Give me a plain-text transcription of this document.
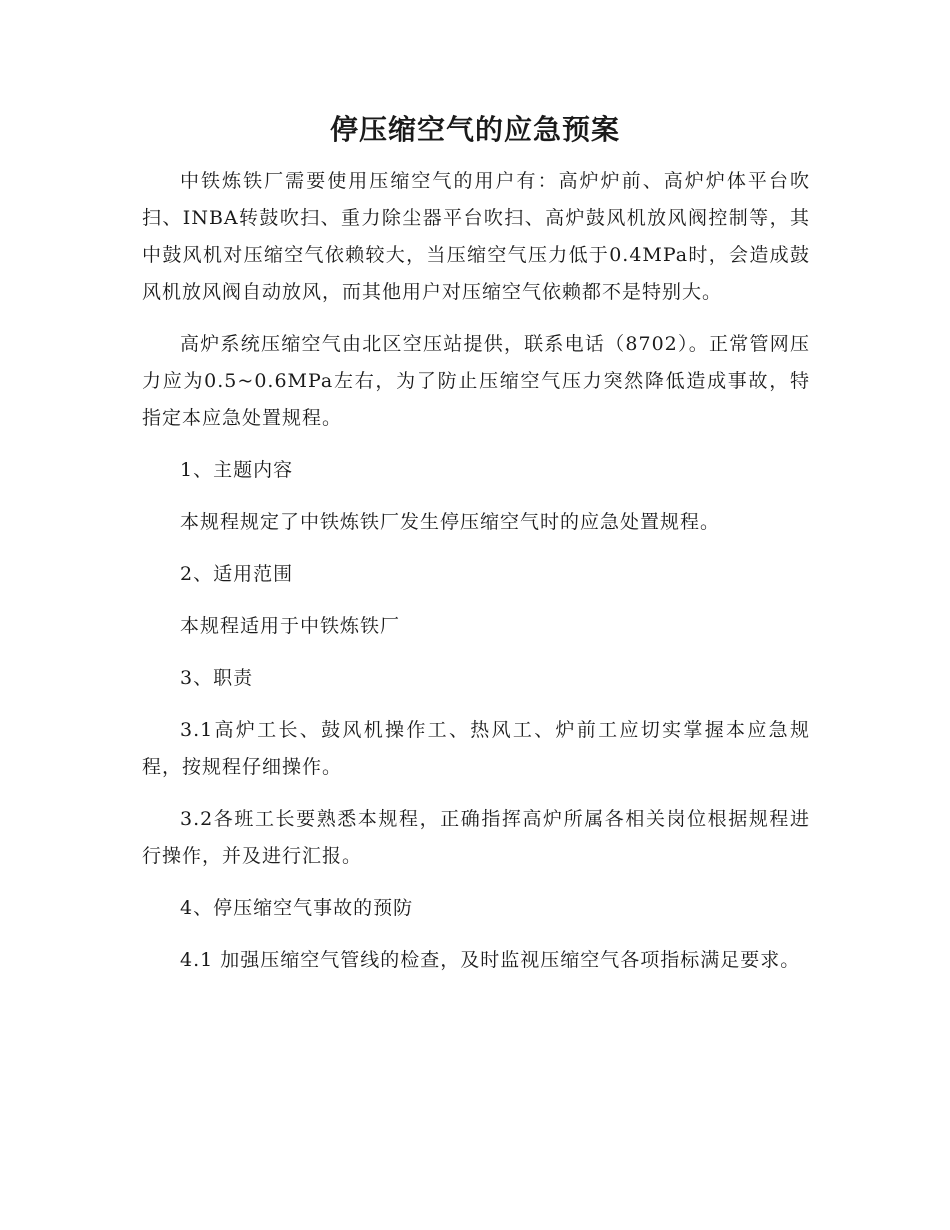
停压缩空气的应急预案

中铁炼铁厂需要使用压缩空气的用户有：高炉炉前、高炉炉体平台吹扫、INBA转鼓吹扫、重力除尘器平台吹扫、高炉鼓风机放风阀控制等，其中鼓风机对压缩空气依赖较大，当压缩空气压力低于0.4MPa时，会造成鼓风机放风阀自动放风，而其他用户对压缩空气依赖都不是特别大。

高炉系统压缩空气由北区空压站提供，联系电话（8702）。正常管网压力应为0.5~0.6MPa左右，为了防止压缩空气压力突然降低造成事故，特指定本应急处置规程。

1、主题内容

本规程规定了中铁炼铁厂发生停压缩空气时的应急处置规程。

2、适用范围

本规程适用于中铁炼铁厂

3、职责

3.1高炉工长、鼓风机操作工、热风工、炉前工应切实掌握本应急规程，按规程仔细操作。

3.2各班工长要熟悉本规程，正确指挥高炉所属各相关岗位根据规程进行操作，并及进行汇报。

4、停压缩空气事故的预防

4.1 加强压缩空气管线的检查，及时监视压缩空气各项指标满足要求。
